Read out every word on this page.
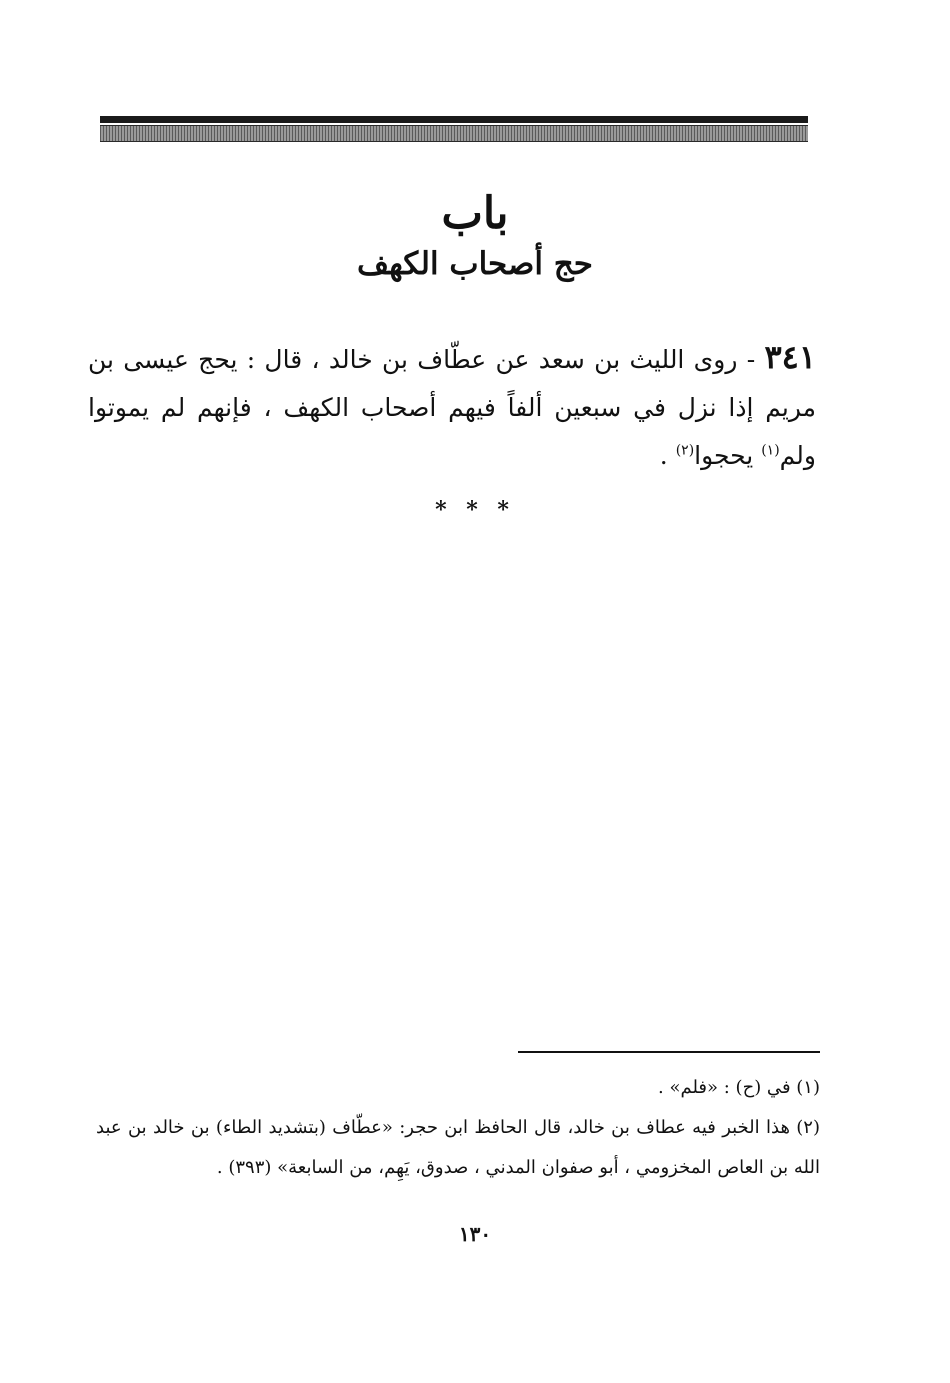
باب
حج أصحاب الكهف
٣٤١ - روى الليث بن سعد عن عطّاف بن خالد ، قال : يحج عيسى بن مريم إذا نزل في سبعين ألفاً فيهم أصحاب الكهف ، فإنهم لم يموتوا ولم$^{(١)}$ يحجوا$^{(٢)}$ .
* * *

(١) في (ح) : «فلم» .

(٢) هذا الخبر فيه عطاف بن خالد، قال الحافظ ابن حجر: «عطّاف (بتشديد الطاء) بن خالد بن عبد الله بن العاص المخزومي ، أبو صفوان المدني ، صدوق، يَهِم، من السابعة» (٣٩٣) .

١٣٠
